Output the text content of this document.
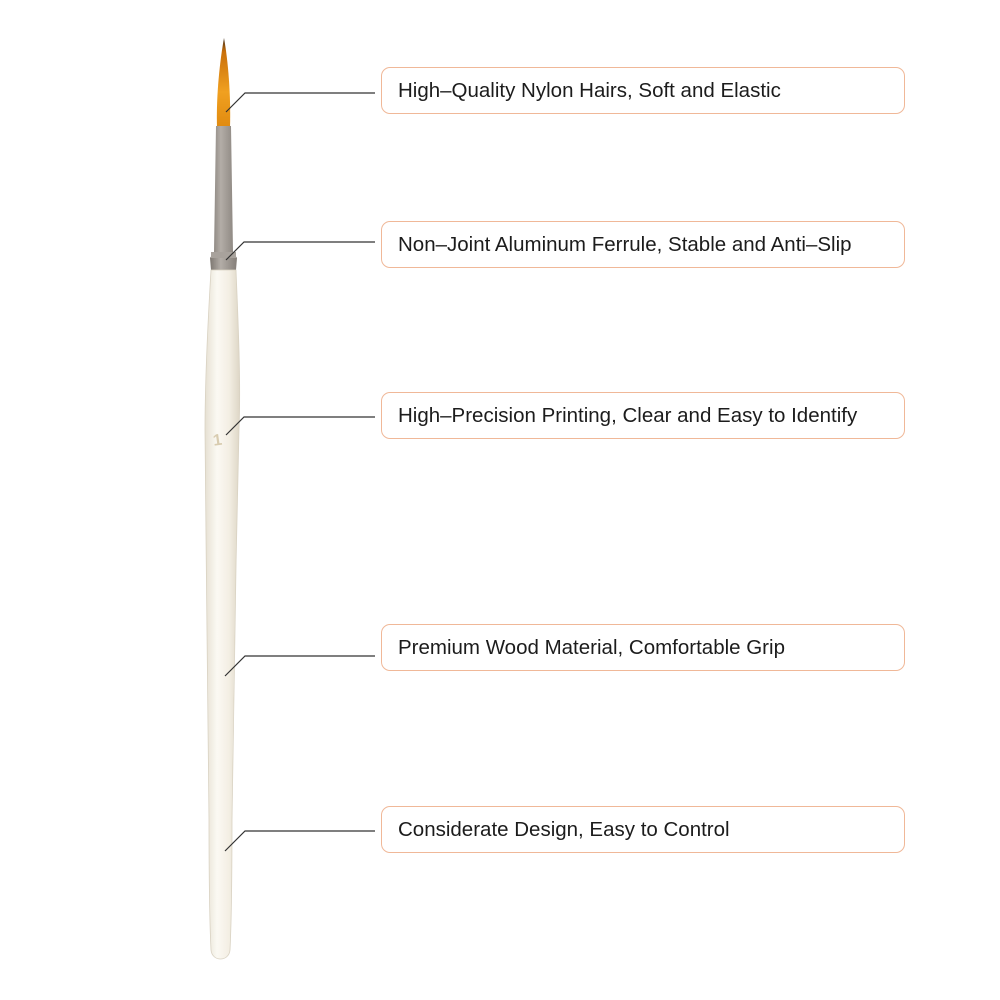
1
High–Quality Nylon Hairs, Soft and Elastic
Non–Joint Aluminum Ferrule, Stable and Anti–Slip
High–Precision Printing, Clear and Easy to Identify
Premium Wood Material, Comfortable Grip
Considerate Design, Easy to Control
